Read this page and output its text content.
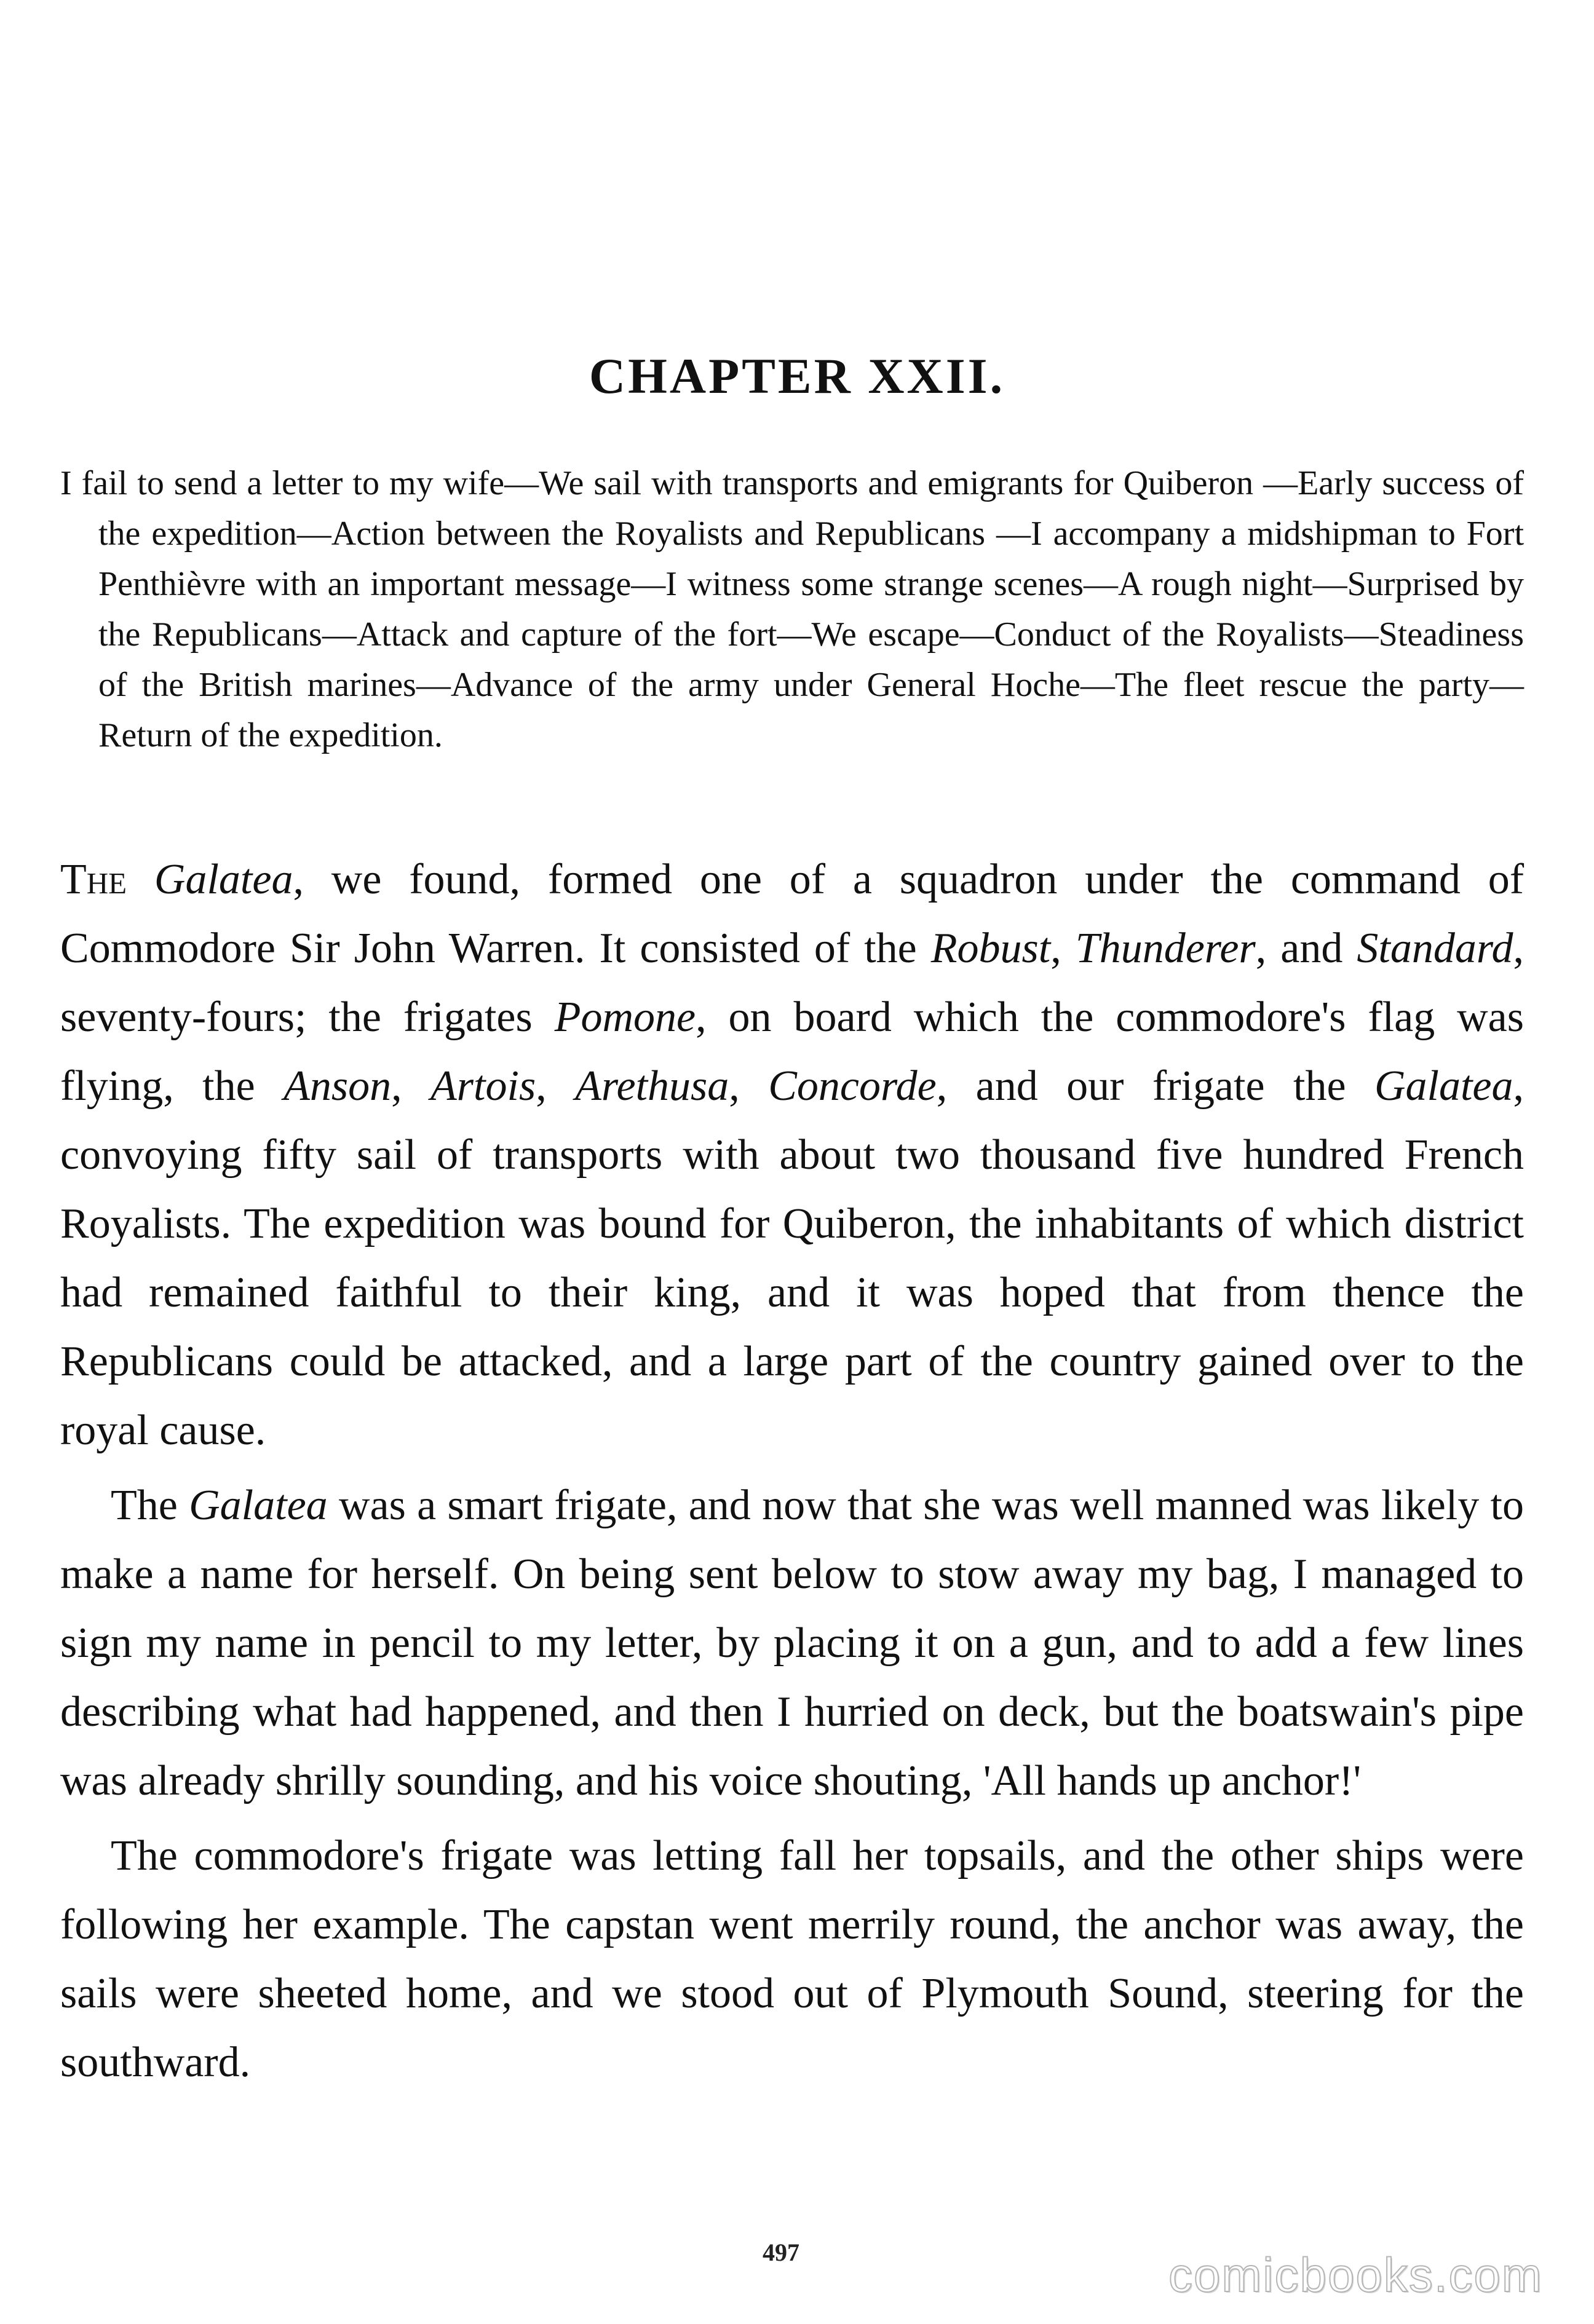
CHAPTER XXII.

I fail to send a letter to my wife—We sail with transports and emigrants for Quiberon —Early success of the expedition—Action between the Royalists and Republicans —I accompany a midshipman to Fort Penthièvre with an important message—I witness some strange scenes—A rough night—Surprised by the Republicans—Attack and capture of the fort—We escape—Conduct of the Royalists—Steadiness of the British marines—Advance of the army under General Hoche—The fleet rescue the party—Return of the expedition.

The Galatea, we found, formed one of a squadron under the command of Commodore Sir John Warren. It consisted of the Robust, Thunderer, and Standard, seventy-fours; the frigates Pomone, on board which the commodore's flag was flying, the Anson, Artois, Arethusa, Concorde, and our frigate the Galatea, convoying fifty sail of transports with about two thousand five hundred French Royalists. The expedition was bound for Quiberon, the inhabitants of which district had remained faithful to their king, and it was hoped that from thence the Republicans could be attacked, and a large part of the country gained over to the royal cause.

The Galatea was a smart frigate, and now that she was well manned was likely to make a name for herself. On being sent below to stow away my bag, I managed to sign my name in pencil to my letter, by placing it on a gun, and to add a few lines describing what had happened, and then I hurried on deck, but the boatswain's pipe was already shrilly sounding, and his voice shouting, 'All hands up anchor!'

The commodore's frigate was letting fall her topsails, and the other ships were following her example. The capstan went merrily round, the anchor was away, the sails were sheeted home, and we stood out of Plymouth Sound, steering for the southward.

497	comicbooks.com
